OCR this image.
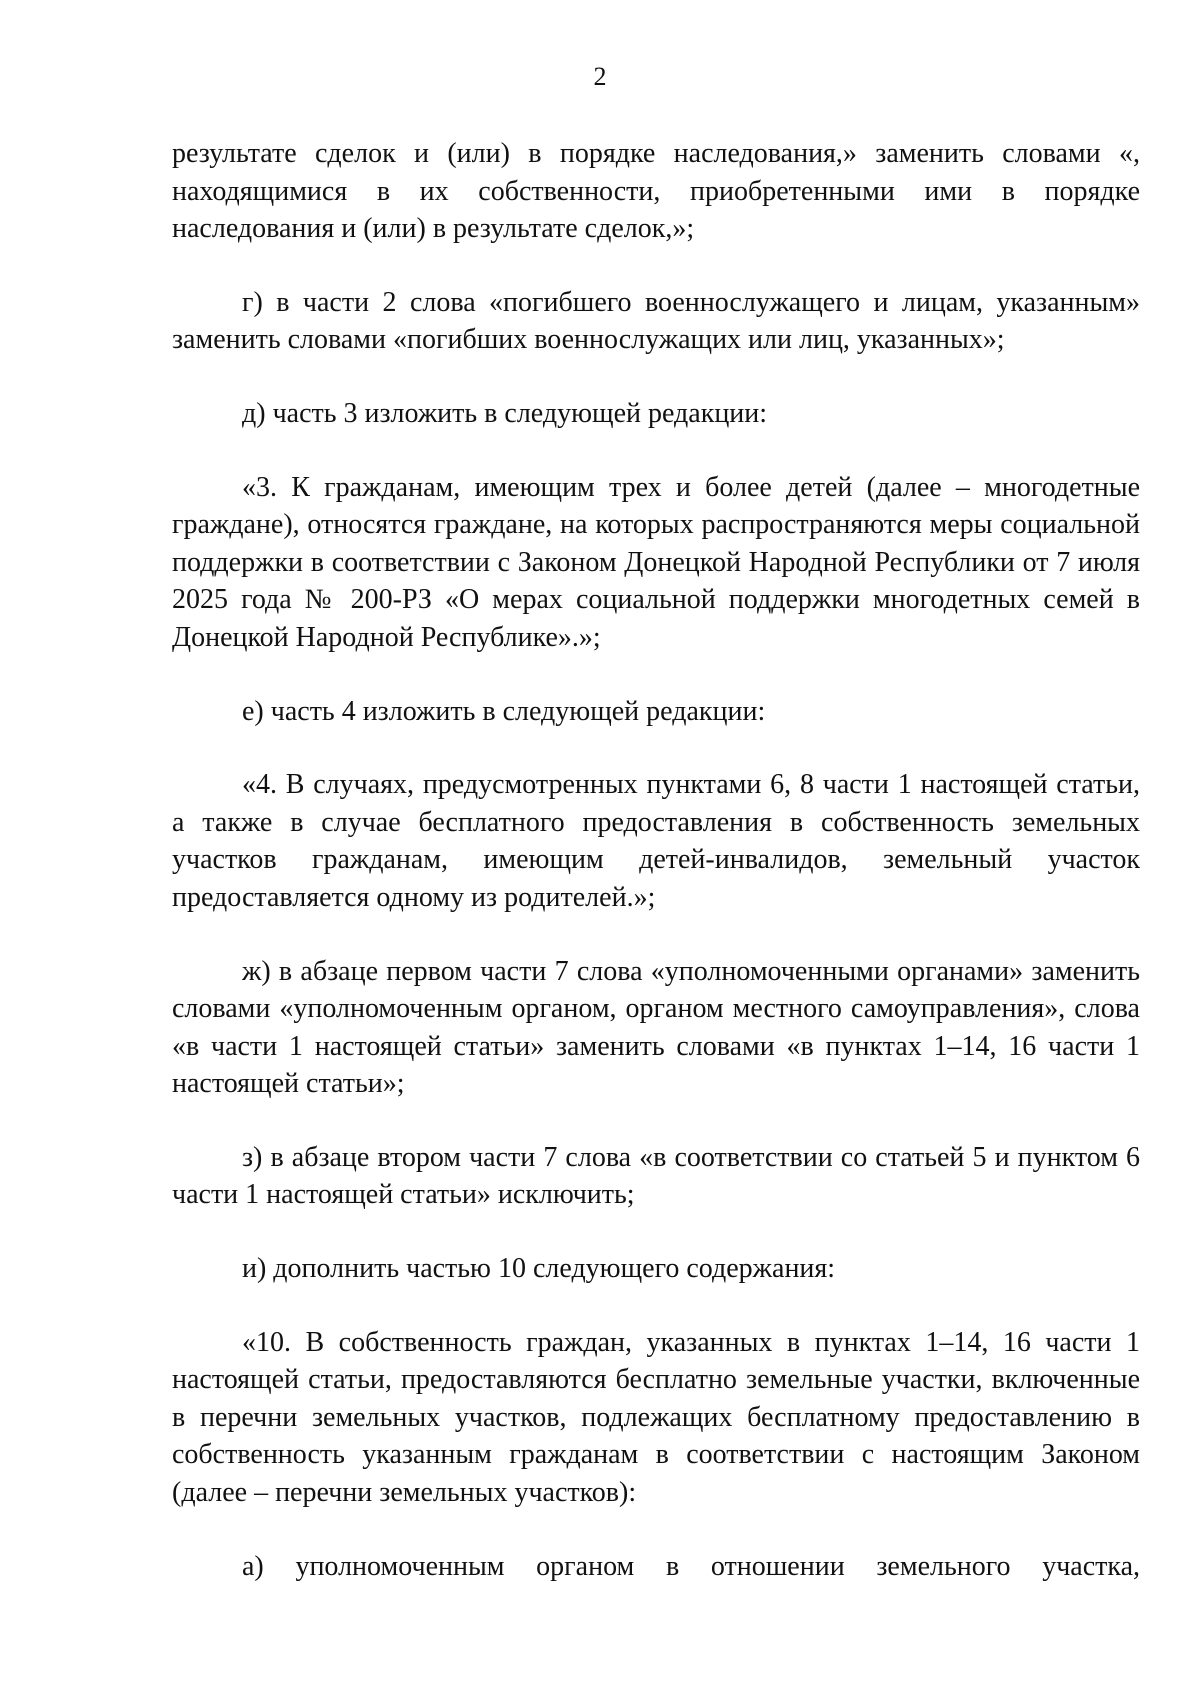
2

результате сделок и (или) в порядке наследования,» заменить словами «, находящимися в их собственности, приобретенными ими в порядке наследования и (или) в результате сделок,»;

г) в части 2 слова «погибшего военнослужащего и лицам, указанным» заменить словами «погибших военнослужащих или лиц, указанных»;

д) часть 3 изложить в следующей редакции:

«3. К гражданам, имеющим трех и более детей (далее – многодетные граждане), относятся граждане, на которых распространяются меры социальной поддержки в соответствии с Законом Донецкой Народной Республики от 7 июля 2025 года № 200-РЗ «О мерах социальной поддержки многодетных семей в Донецкой Народной Республике».»;

е) часть 4 изложить в следующей редакции:

«4. В случаях, предусмотренных пунктами 6, 8 части 1 настоящей статьи, а также в случае бесплатного предоставления в собственность земельных участков гражданам, имеющим детей-инвалидов, земельный участок предоставляется одному из родителей.»;

ж) в абзаце первом части 7 слова «уполномоченными органами» заменить словами «уполномоченным органом, органом местного самоуправления», слова «в части 1 настоящей статьи» заменить словами «в пунктах 1–14, 16 части 1 настоящей статьи»;

з) в абзаце втором части 7 слова «в соответствии со статьей 5 и пунктом 6 части 1 настоящей статьи» исключить;

и) дополнить частью 10 следующего содержания:

«10. В собственность граждан, указанных в пунктах 1–14, 16 части 1 настоящей статьи, предоставляются бесплатно земельные участки, включенные в перечни земельных участков, подлежащих бесплатному предоставлению в собственность указанным гражданам в соответствии с настоящим Законом (далее – перечни земельных участков):

а) уполномоченным органом в отношении земельного участка,
